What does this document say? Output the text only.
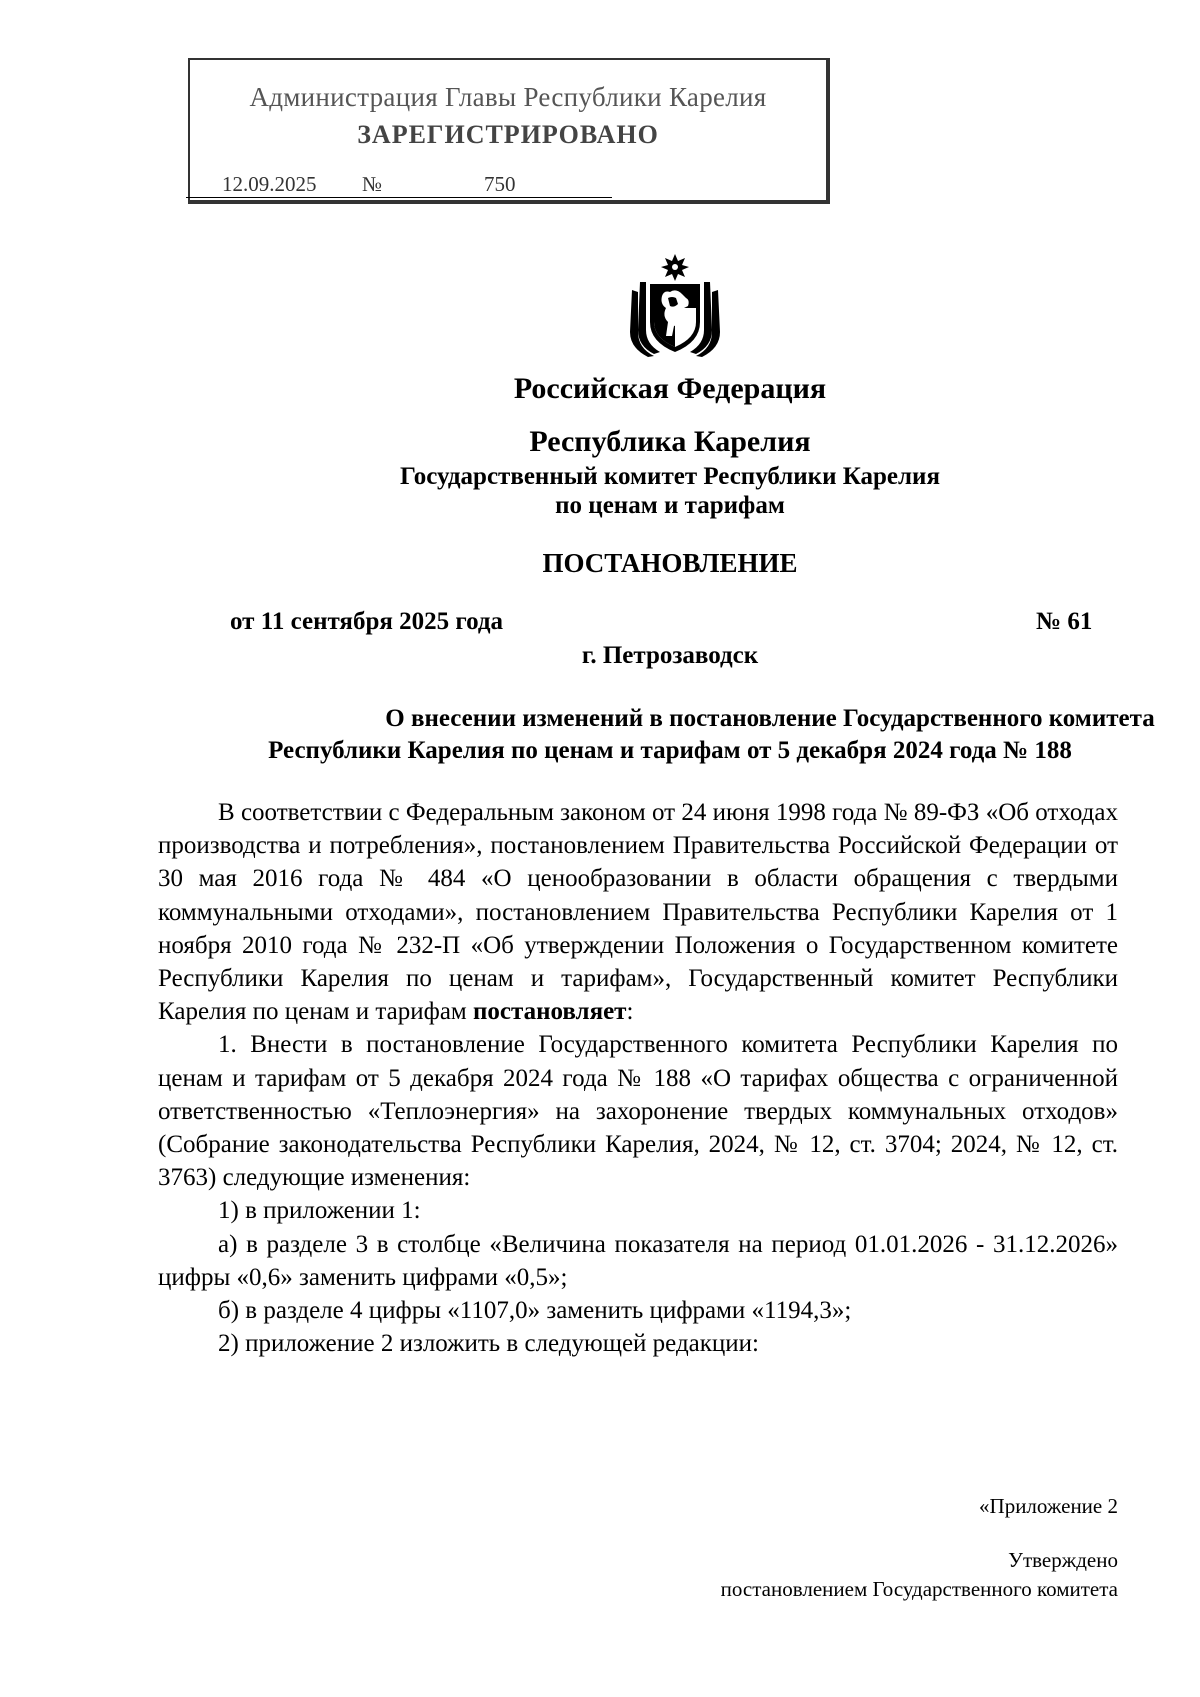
Администрация Главы Республики Карелия
ЗАРЕГИСТРИРОВАНО
12.09.2025 №	750
Российская Федерация
Республика Карелия
Государственный комитет Республики Карелия
по ценам и тарифам
ПОСТАНОВЛЕНИЕ
от 11 сентября 2025 года	№ 61
г. Петрозаводск
О внесении изменений в постановление Государственного комитета
Республики Карелия по ценам и тарифам от 5 декабря 2024 года № 188

В соответствии с Федеральным законом от 24 июня 1998 года № 89-ФЗ «Об отходах производства и потребления», постановлением Правительства Российской Федерации от 30 мая 2016 года № 484 «О ценообразовании в области обращения с твердыми коммунальными отходами», постановлением Правительства Республики Карелия от 1 ноября 2010 года № 232-П «Об утверждении Положения о Государственном комитете Республики Карелия по ценам и тарифам», Государственный комитет Республики Карелия по ценам и тарифам постановляет:

1. Внести в постановление Государственного комитета Республики Карелия по ценам и тарифам от 5 декабря 2024 года № 188 «О тарифах общества с ограниченной ответственностью «Теплоэнергия» на захоронение твердых коммунальных отходов» (Собрание законодательства Республики Карелия, 2024, № 12, ст. 3704; 2024, № 12, ст. 3763) следующие изменения:

1) в приложении 1:

а) в разделе 3 в столбце «Величина показателя на период 01.01.2026 - 31.12.2026» цифры «0,6» заменить цифрами «0,5»;

б) в разделе 4 цифры «1107,0» заменить цифрами «1194,3»;

2) приложение 2 изложить в следующей редакции:

«Приложение 2
Утверждено
постановлением Государственного комитета
